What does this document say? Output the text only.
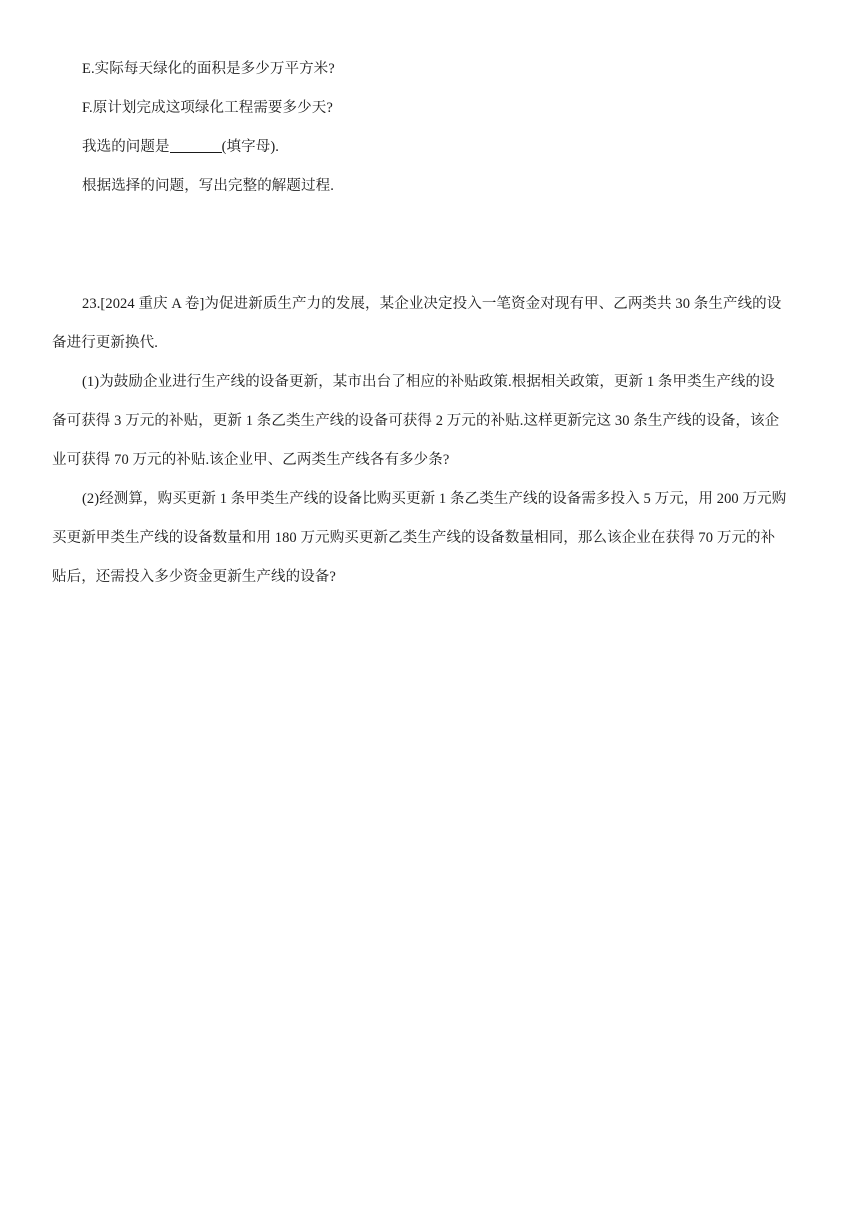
E.实际每天绿化的面积是多少万平方米?
F.原计划完成这项绿化工程需要多少天?
我选的问题是	(填字母).
根据选择的问题，写出完整的解题过程.
23.[2024 重庆 A 卷]为促进新质生产力的发展，某企业决定投入一笔资金对现有甲、乙两类共 30 条生产线的设
备进行更新换代.
(1)为鼓励企业进行生产线的设备更新，某市出台了相应的补贴政策.根据相关政策，更新 1 条甲类生产线的设
备可获得 3 万元的补贴，更新 1 条乙类生产线的设备可获得 2 万元的补贴.这样更新完这 30 条生产线的设备，该企
业可获得 70 万元的补贴.该企业甲、乙两类生产线各有多少条?
(2)经测算，购买更新 1 条甲类生产线的设备比购买更新 1 条乙类生产线的设备需多投入 5 万元，用 200 万元购
买更新甲类生产线的设备数量和用 180 万元购买更新乙类生产线的设备数量相同，那么该企业在获得 70 万元的补
贴后，还需投入多少资金更新生产线的设备?
